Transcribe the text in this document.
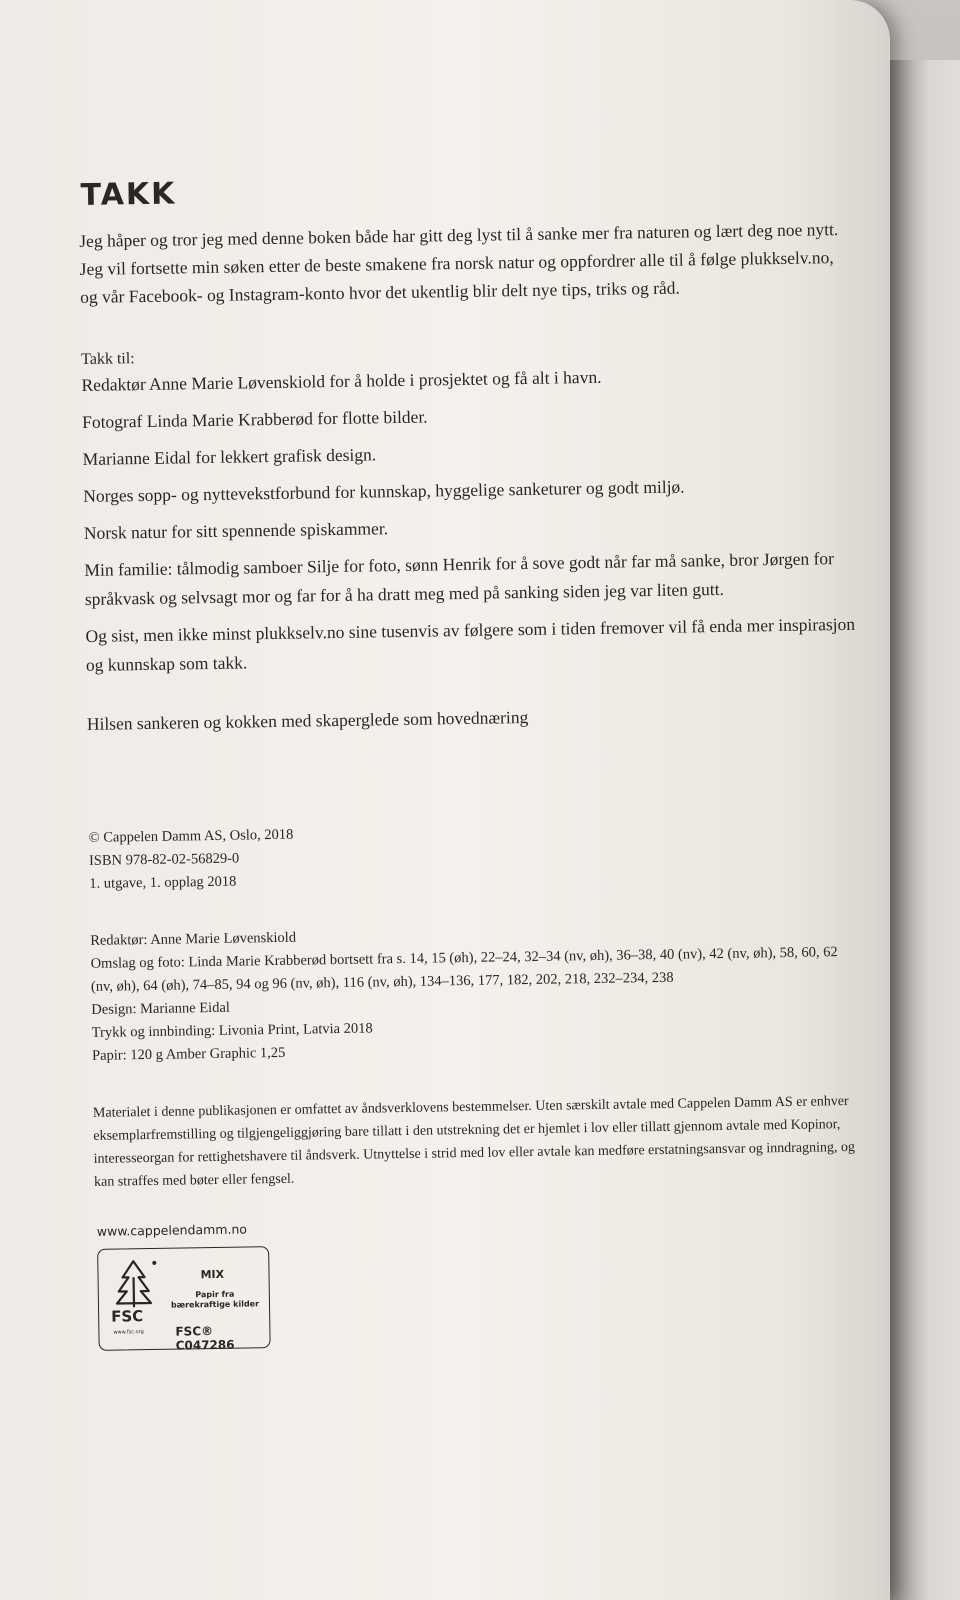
TAKK

Jeg håper og tror jeg med denne boken både har gitt deg lyst til å sanke mer fra naturen og lært deg noe nytt. Jeg vil fortsette min søken etter de beste smakene fra norsk natur og oppfordrer alle til å følge plukkselv.no, og vår Facebook- og Instagram-konto hvor det ukentlig blir delt nye tips, triks og råd.

Takk til:

Redaktør Anne Marie Løvenskiold for å holde i prosjektet og få alt i havn.

Fotograf Linda Marie Krabberød for flotte bilder.

Marianne Eidal for lekkert grafisk design.

Norges sopp- og nyttevekstforbund for kunnskap, hyggelige sanketurer og godt miljø.

Norsk natur for sitt spennende spiskammer.

Min familie: tålmodig samboer Silje for foto, sønn Henrik for å sove godt når far må sanke, bror Jørgen for språkvask og selvsagt mor og far for å ha dratt meg med på sanking siden jeg var liten gutt.

Og sist, men ikke minst plukkselv.no sine tusenvis av følgere som i tiden fremover vil få enda mer inspirasjon og kunnskap som takk.

Hilsen sankeren og kokken med skaperglede som hovednæring

© Cappelen Damm AS, Oslo, 2018

ISBN 978-82-02-56829-0

1. utgave, 1. opplag 2018

Redaktør: Anne Marie Løvenskiold

Omslag og foto: Linda Marie Krabberød bortsett fra s. 14, 15 (øh), 22–24, 32–34 (nv, øh), 36–38, 40 (nv), 42 (nv, øh), 58, 60, 62 (nv, øh), 64 (øh), 74–85, 94 og 96 (nv, øh), 116 (nv, øh), 134–136, 177, 182, 202, 218, 232–234, 238

Design: Marianne Eidal

Trykk og innbinding: Livonia Print, Latvia 2018

Papir: 120 g Amber Graphic 1,25

Materialet i denne publikasjonen er omfattet av åndsverklovens bestemmelser. Uten særskilt avtale med Cappelen Damm AS er enhver eksemplarfremstilling og tilgjengeliggjøring bare tillatt i den utstrekning det er hjemlet i lov eller tillatt gjennom avtale med Kopinor, interesseorgan for rettighetshavere til åndsverk. Utnyttelse i strid med lov eller avtale kan medføre erstatningsansvar og inndragning, og kan straffes med bøter eller fengsel.

www.cappelendamm.no

FSC
www.fsc.org
MIX
Papir fra bærekraftige kilder
FSC® C047286
